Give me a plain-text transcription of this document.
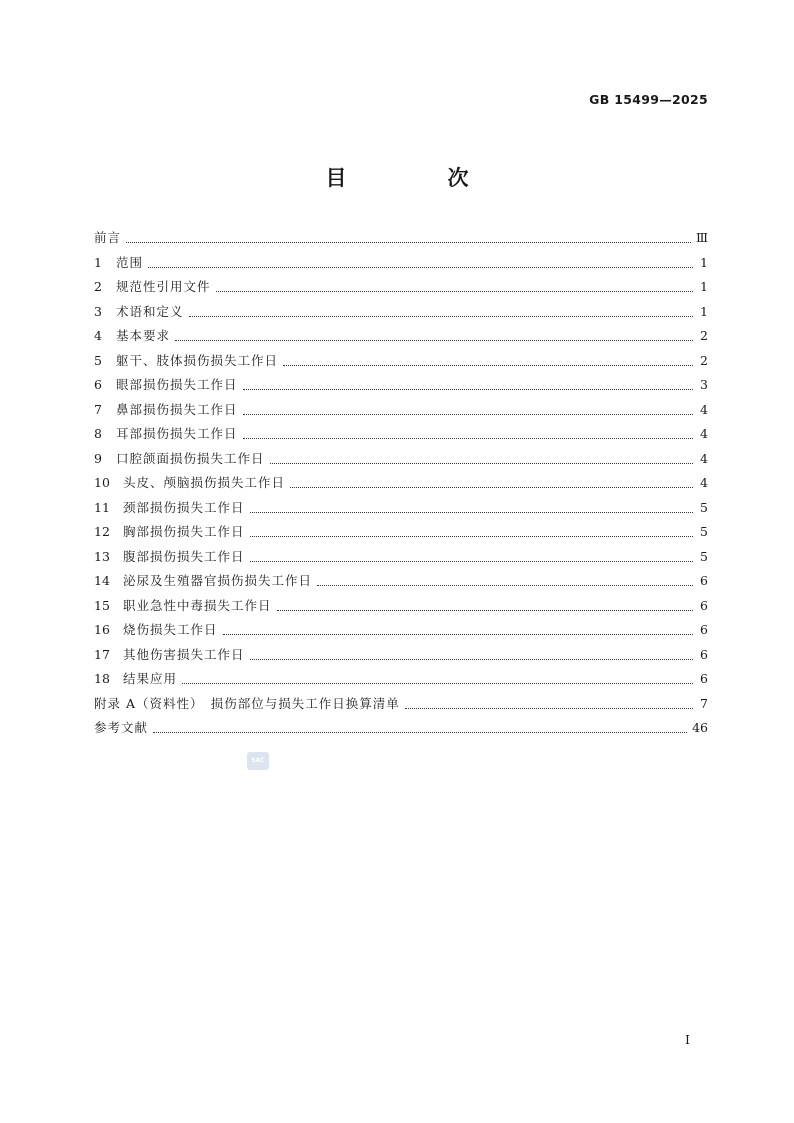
GB 15499—2025
目　次
前言	Ⅲ
1	范围	1
2	规范性引用文件	1
3	术语和定义	1
4	基本要求	2
5	躯干、肢体损伤损失工作日	2
6	眼部损伤损失工作日	3
7	鼻部损伤损失工作日	4
8	耳部损伤损失工作日	4
9	口腔颌面损伤损失工作日	4
10	头皮、颅脑损伤损失工作日	4
11	颈部损伤损失工作日	5
12	胸部损伤损失工作日	5
13	腹部损伤损失工作日	5
14	泌尿及生殖器官损伤损失工作日	6
15	职业急性中毒损失工作日	6
16	烧伤损失工作日	6
17	其他伤害损失工作日	6
18	结果应用	6
附录 A（资料性）　损伤部位与损失工作日换算清单	7
参考文献	46
SAC
I
